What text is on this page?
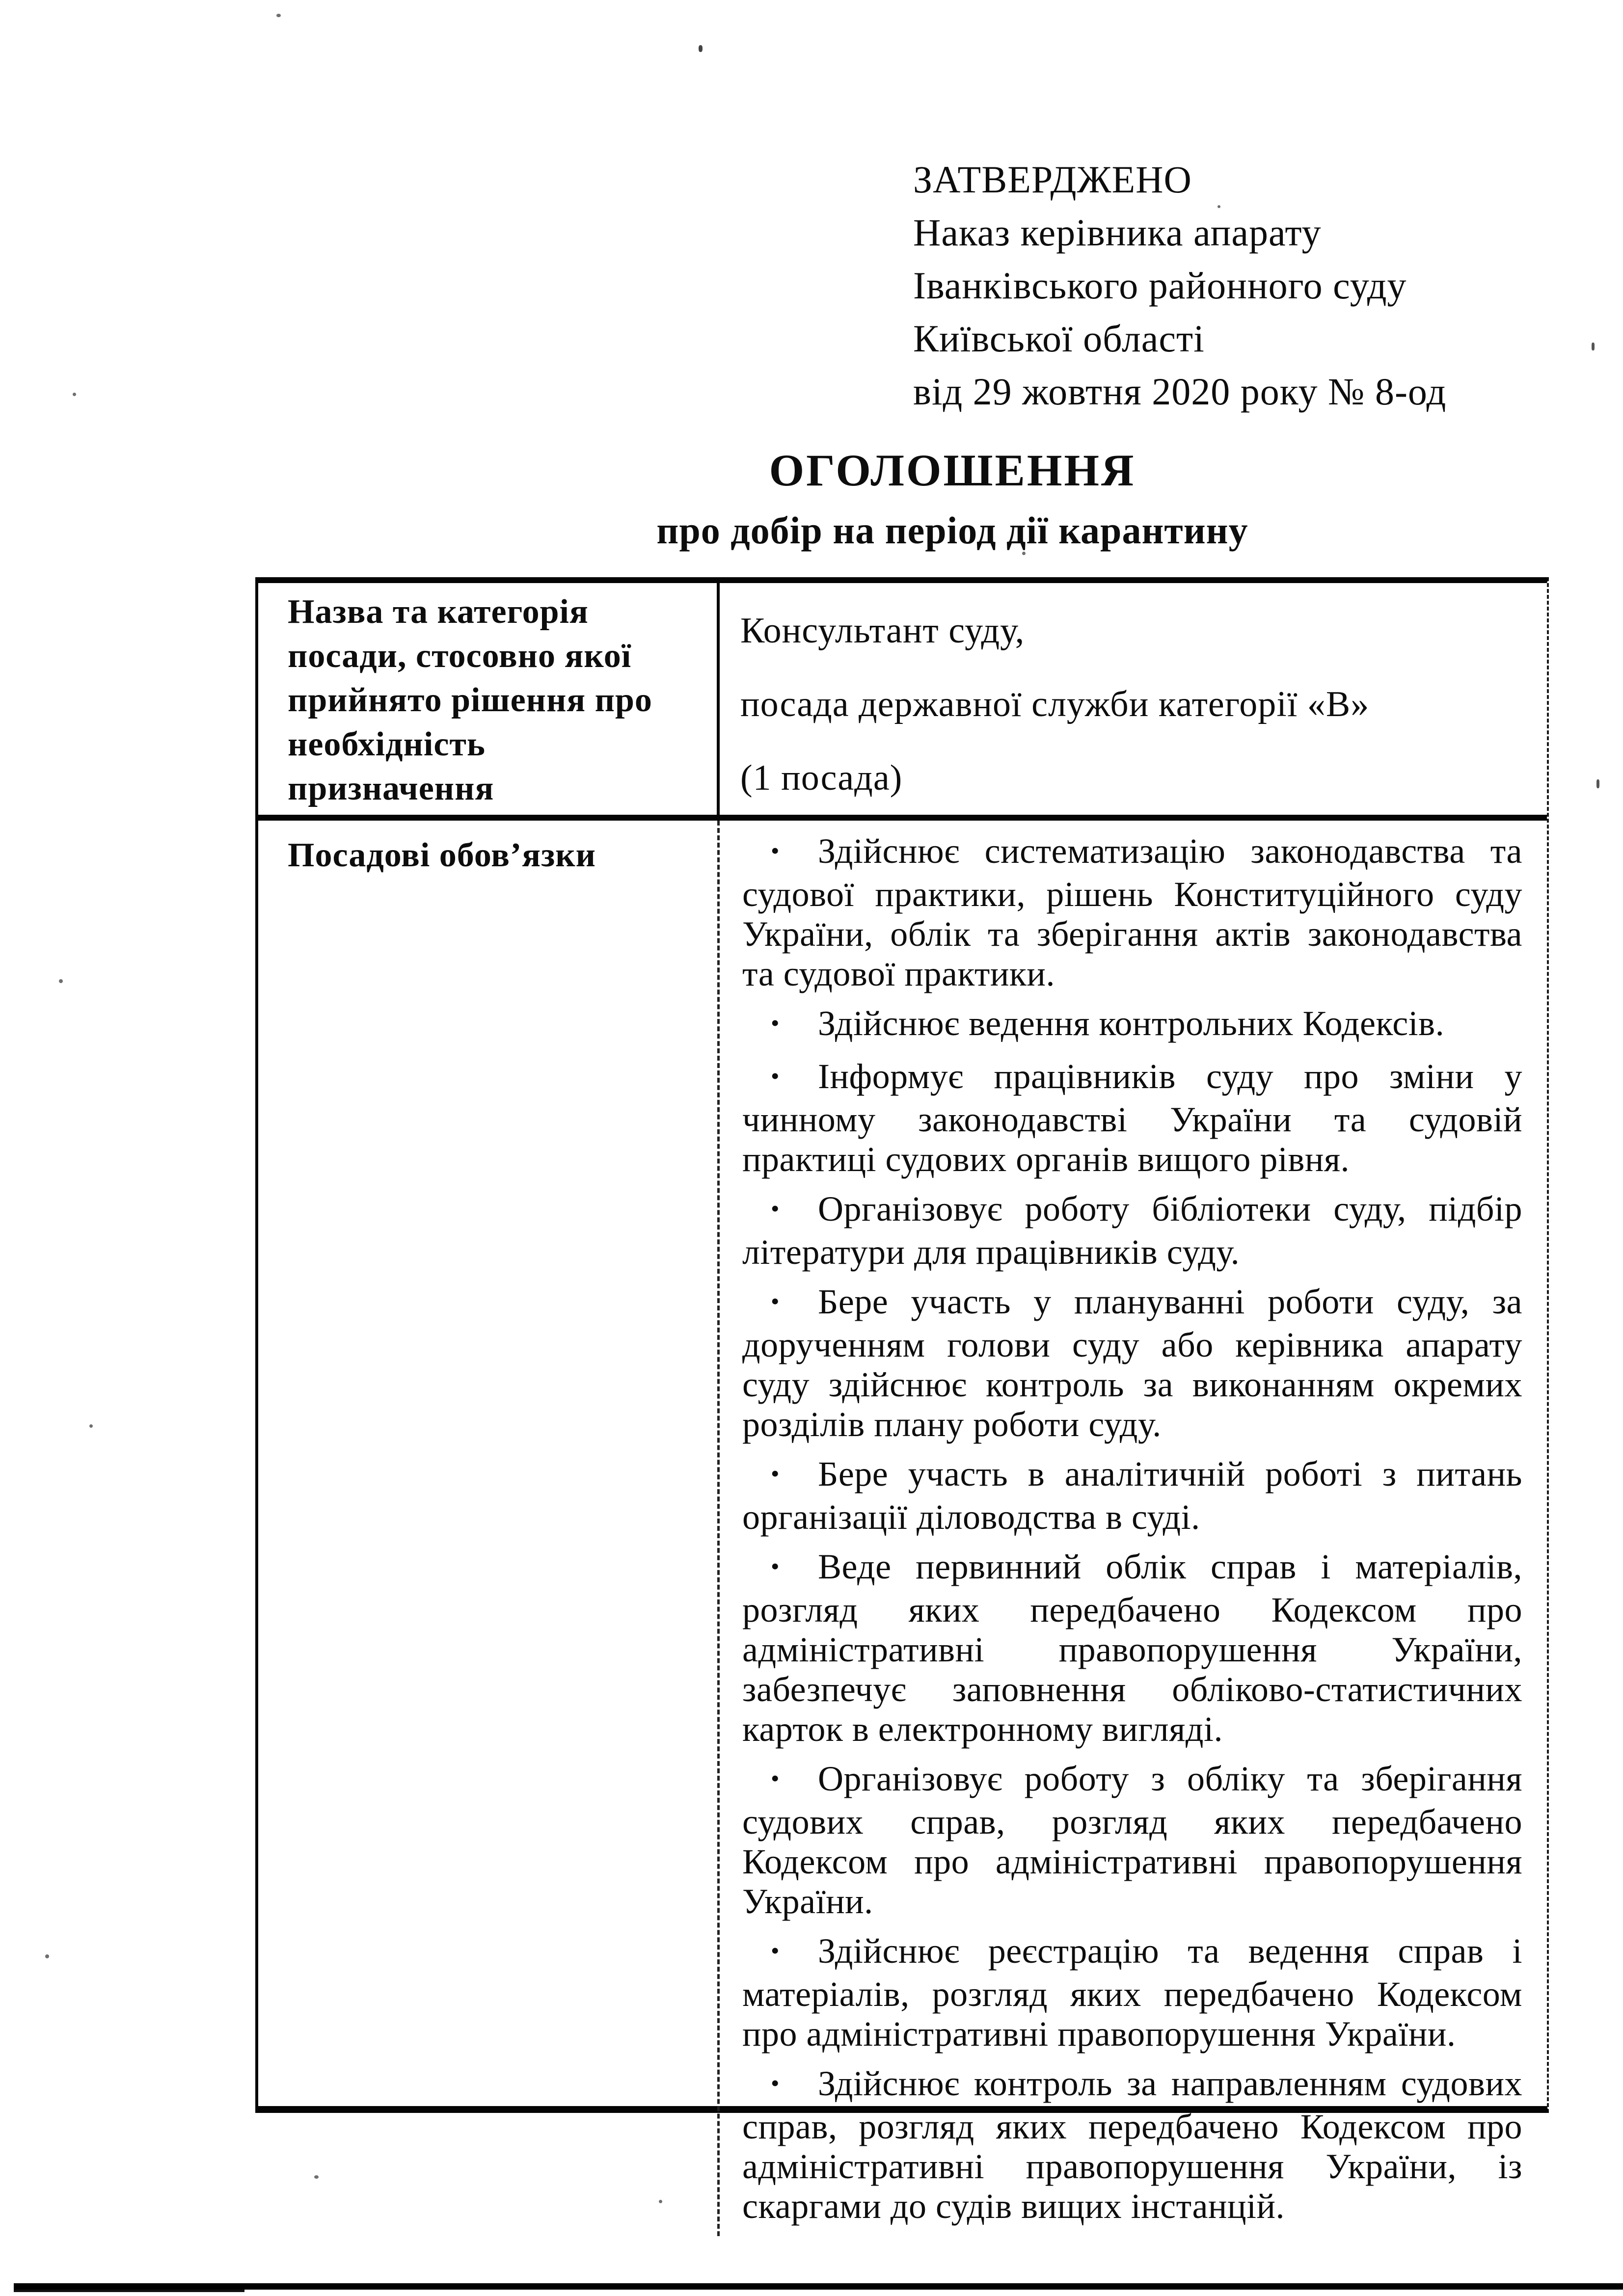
ЗАТВЕРДЖЕНО
Наказ керівника апарату
Іванківського районного суду
Київської області
від 29 жовтня 2020 року № 8-од
ОГОЛОШЕННЯ
про добір на період дії карантину
Назва та категорія
посади, стосовно якої
прийнято рішення про
необхідність
призначення
Консультант суду,
посада державної служби категорії «В»
(1 посада)
Посадові обов’язки	• Здійснює систематизацію законодавства та судової практики, рішень Конституційного суду України, облік та зберігання актів законодавства та судової практики.
• Здійснює ведення контрольних Кодексів.
• Інформує працівників суду про зміни у чинному законодавстві України та судовій практиці судових органів вищого рівня.
• Організовує роботу бібліотеки суду, підбір літератури для працівників суду.
• Бере участь у плануванні роботи суду, за дорученням голови суду або керівника апарату суду здійснює контроль за виконанням окремих розділів плану роботи суду.
• Бере участь в аналітичній роботі з питань організації діловодства в суді.
• Веде первинний облік справ і матеріалів, розгляд яких передбачено Кодексом про адміністративні правопорушення України, забезпечує заповнення обліково-статистичних карток в електронному вигляді.
• Організовує роботу з обліку та зберігання судових справ, розгляд яких передбачено Кодексом про адміністративні правопорушення України.
• Здійснює реєстрацію та ведення справ і матеріалів, розгляд яких передбачено Кодексом про адміністративні правопорушення України.
• Здійснює контроль за направленням судових справ, розгляд яких передбачено Кодексом про адміністративні правопорушення України, із скаргами до судів вищих інстанцій.
